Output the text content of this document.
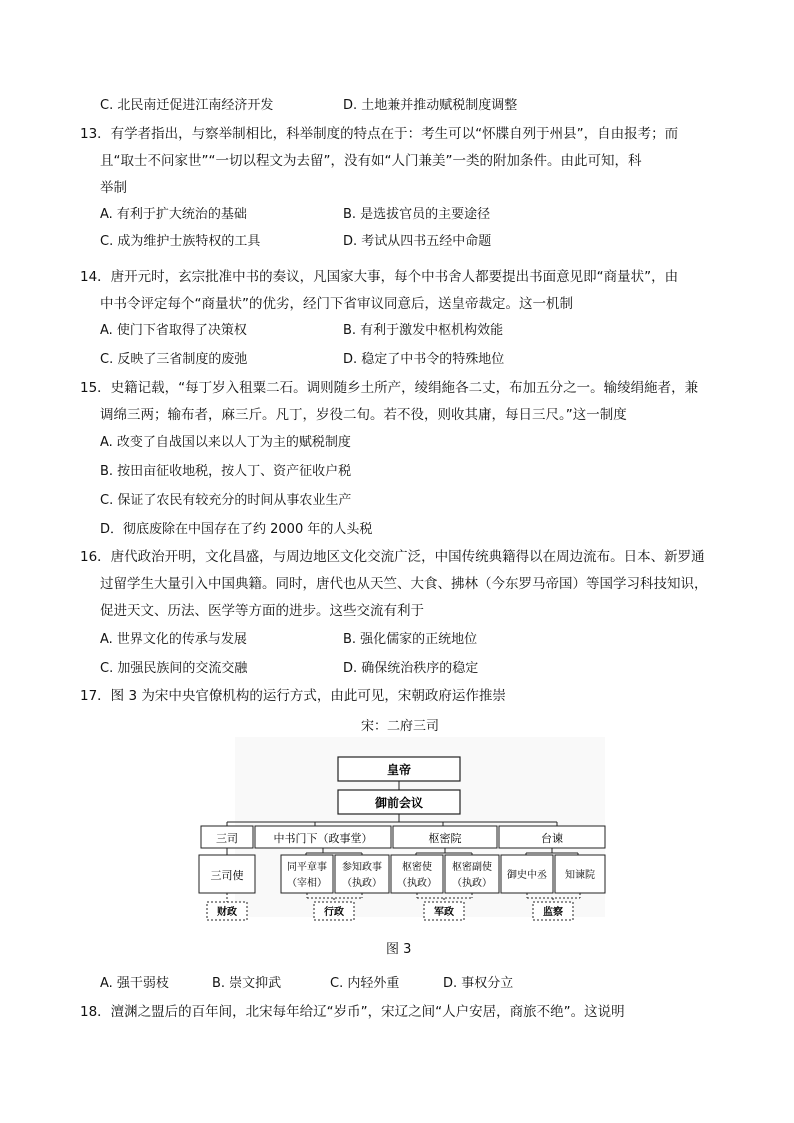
C. 北民南迁促进江南经济开发	D. 土地兼并推动赋税制度调整
13．有学者指出，与察举制相比，科举制度的特点在于：考生可以“怀牒自列于州县”，自由报考；而
且“取士不问家世”“一切以程文为去留”，没有如“人门兼美”一类的附加条件。由此可知，科
举制
A. 有利于扩大统治的基础	B. 是选拔官员的主要途径
C. 成为维护士族特权的工具	D. 考试从四书五经中命题
14．唐开元时，玄宗批准中书的奏议，凡国家大事，每个中书舍人都要提出书面意见即“商量状”，由
中书令评定每个“商量状”的优劣，经门下省审议同意后，送皇帝裁定。这一机制
A. 使门下省取得了决策权	B. 有利于激发中枢机构效能
C. 反映了三省制度的废弛	D. 稳定了中书令的特殊地位
15．史籍记载，“每丁岁入租粟二石。调则随乡土所产，绫绢絁各二丈，布加五分之一。输绫绢絁者，兼
调绵三两；输布者，麻三斤。凡丁，岁役二旬。若不役，则收其庸，每日三尺。”这一制度
A. 改变了自战国以来以人丁为主的赋税制度
B. 按田亩征收地税，按人丁、资产征收户税
C. 保证了农民有较充分的时间从事农业生产
D．彻底废除在中国存在了约 2000 年的人头税
16．唐代政治开明，文化昌盛，与周边地区文化交流广泛，中国传统典籍得以在周边流布。日本、新罗通
过留学生大量引入中国典籍。同时，唐代也从天竺、大食、拂林（今东罗马帝国）等国学习科技知识，
促进天文、历法、医学等方面的进步。这些交流有利于
A. 世界文化的传承与发展	B. 强化儒家的正统地位
C. 加强民族间的交流交融	D. 确保统治秩序的稳定
17．图 3 为宋中央官僚机构的运行方式，由此可见，宋朝政府运作推崇
宋：二府三司
皇帝
御前会议
三司	中书门下（政事堂）	枢密院	台谏
三司使
同平章事
（宰相）
参知政事
（执政）
枢密使
（执政）
枢密副使
（执政）
御史中丞 知谏院
财政	行政	军政	监察
图 3
A. 强干弱枝	B. 崇文抑武	C. 内轻外重	D. 事权分立
18．澶渊之盟后的百年间，北宋每年给辽“岁币”，宋辽之间“人户安居，商旅不绝”。这说明
